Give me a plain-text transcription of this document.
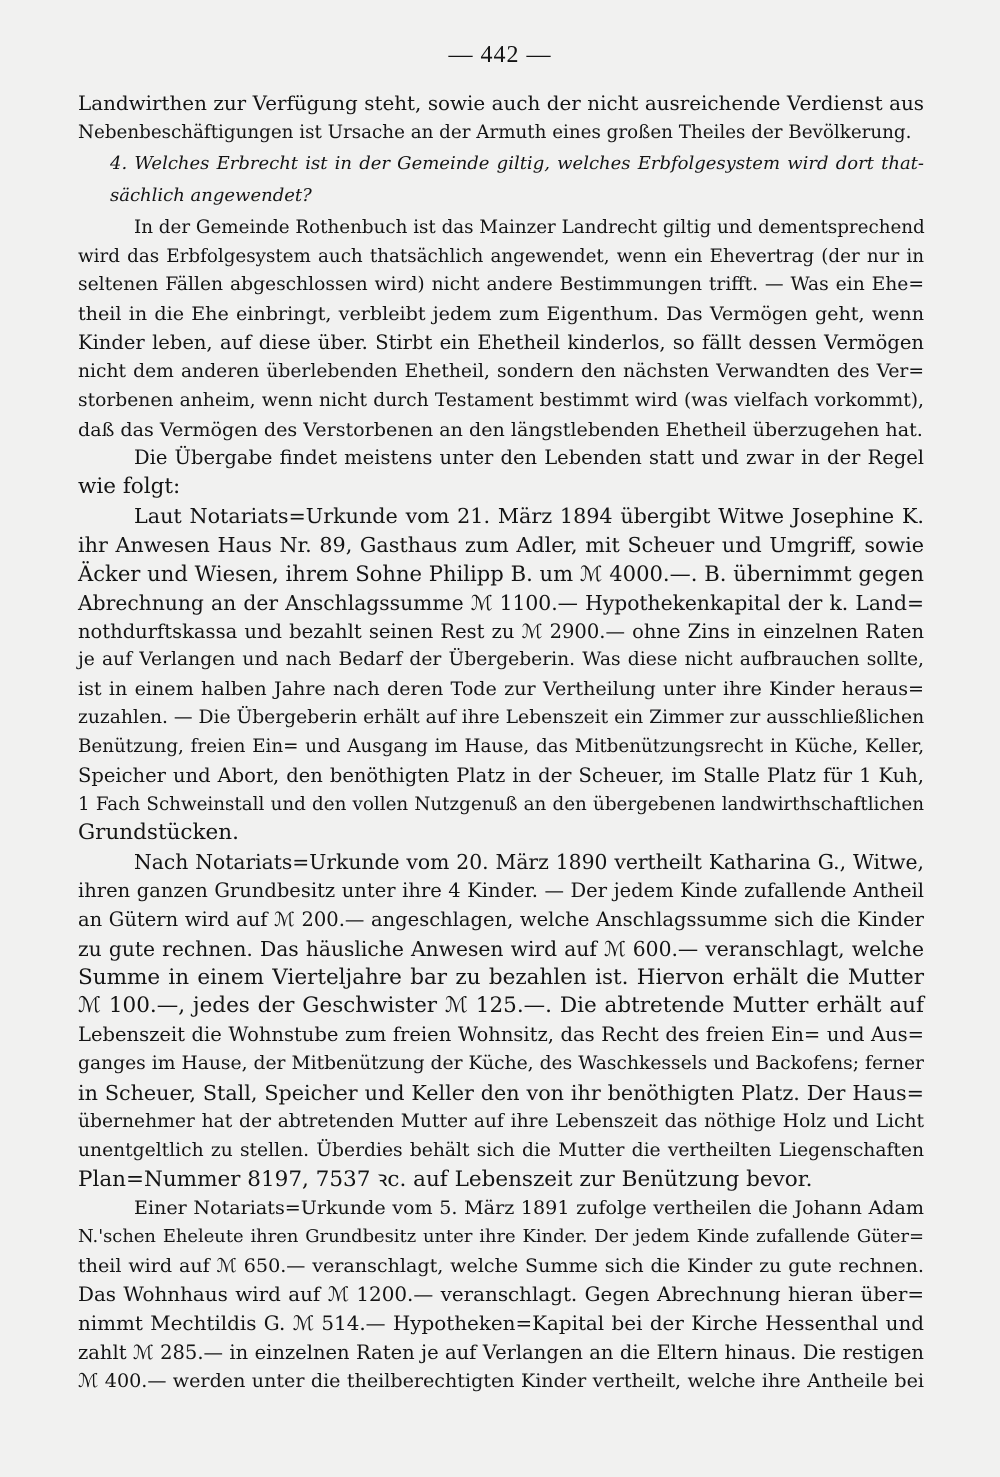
— 442 —
Landwirthen zur Verfügung steht, sowie auch der nicht ausreichende Verdienst aus
Nebenbeschäftigungen ist Ursache an der Armuth eines großen Theiles der Bevölkerung.
4. Welches Erbrecht ist in der Gemeinde giltig, welches Erbfolgesystem wird dort that-
sächlich angewendet?
In der Gemeinde Rothenbuch ist das Mainzer Landrecht giltig und dementsprechend
wird das Erbfolgesystem auch thatsächlich angewendet, wenn ein Ehevertrag (der nur in
seltenen Fällen abgeschlossen wird) nicht andere Bestimmungen trifft. — Was ein Ehe=
theil in die Ehe einbringt, verbleibt jedem zum Eigenthum. Das Vermögen geht, wenn
Kinder leben, auf diese über. Stirbt ein Ehetheil kinderlos, so fällt dessen Vermögen
nicht dem anderen überlebenden Ehetheil, sondern den nächsten Verwandten des Ver=
storbenen anheim, wenn nicht durch Testament bestimmt wird (was vielfach vorkommt),
daß das Vermögen des Verstorbenen an den längstlebenden Ehetheil überzugehen hat.
Die Übergabe findet meistens unter den Lebenden statt und zwar in der Regel
wie folgt:
Laut Notariats=Urkunde vom 21. März 1894 übergibt Witwe Josephine K.
ihr Anwesen Haus Nr. 89, Gasthaus zum Adler, mit Scheuer und Umgriff, sowie
Äcker und Wiesen, ihrem Sohne Philipp B. um ℳ 4000.—. B. übernimmt gegen
Abrechnung an der Anschlagssumme ℳ 1100.— Hypothekenkapital der k. Land=
nothdurftskassa und bezahlt seinen Rest zu ℳ 2900.— ohne Zins in einzelnen Raten
je auf Verlangen und nach Bedarf der Übergeberin. Was diese nicht aufbrauchen sollte,
ist in einem halben Jahre nach deren Tode zur Vertheilung unter ihre Kinder heraus=
zuzahlen. — Die Übergeberin erhält auf ihre Lebenszeit ein Zimmer zur ausschließlichen
Benützung, freien Ein= und Ausgang im Hause, das Mitbenützungsrecht in Küche, Keller,
Speicher und Abort, den benöthigten Platz in der Scheuer, im Stalle Platz für 1 Kuh,
1 Fach Schweinstall und den vollen Nutzgenuß an den übergebenen landwirthschaftlichen
Grundstücken.
Nach Notariats=Urkunde vom 20. März 1890 vertheilt Katharina G., Witwe,
ihren ganzen Grundbesitz unter ihre 4 Kinder. — Der jedem Kinde zufallende Antheil
an Gütern wird auf ℳ 200.— angeschlagen, welche Anschlagssumme sich die Kinder
zu gute rechnen. Das häusliche Anwesen wird auf ℳ 600.— veranschlagt, welche
Summe in einem Vierteljahre bar zu bezahlen ist. Hiervon erhält die Mutter
ℳ 100.—, jedes der Geschwister ℳ 125.—. Die abtretende Mutter erhält auf
Lebenszeit die Wohnstube zum freien Wohnsitz, das Recht des freien Ein= und Aus=
ganges im Hause, der Mitbenützung der Küche, des Waschkessels und Backofens; ferner
in Scheuer, Stall, Speicher und Keller den von ihr benöthigten Platz. Der Haus=
übernehmer hat der abtretenden Mutter auf ihre Lebenszeit das nöthige Holz und Licht
unentgeltlich zu stellen. Überdies behält sich die Mutter die vertheilten Liegenschaften
Plan=Nummer 8197, 7537 ꝛc. auf Lebenszeit zur Benützung bevor.
Einer Notariats=Urkunde vom 5. März 1891 zufolge vertheilen die Johann Adam
N.'schen Eheleute ihren Grundbesitz unter ihre Kinder. Der jedem Kinde zufallende Güter=
theil wird auf ℳ 650.— veranschlagt, welche Summe sich die Kinder zu gute rechnen.
Das Wohnhaus wird auf ℳ 1200.— veranschlagt. Gegen Abrechnung hieran über=
nimmt Mechtildis G. ℳ 514.— Hypotheken=Kapital bei der Kirche Hessenthal und
zahlt ℳ 285.— in einzelnen Raten je auf Verlangen an die Eltern hinaus. Die restigen
ℳ 400.— werden unter die theilberechtigten Kinder vertheilt, welche ihre Antheile bei
